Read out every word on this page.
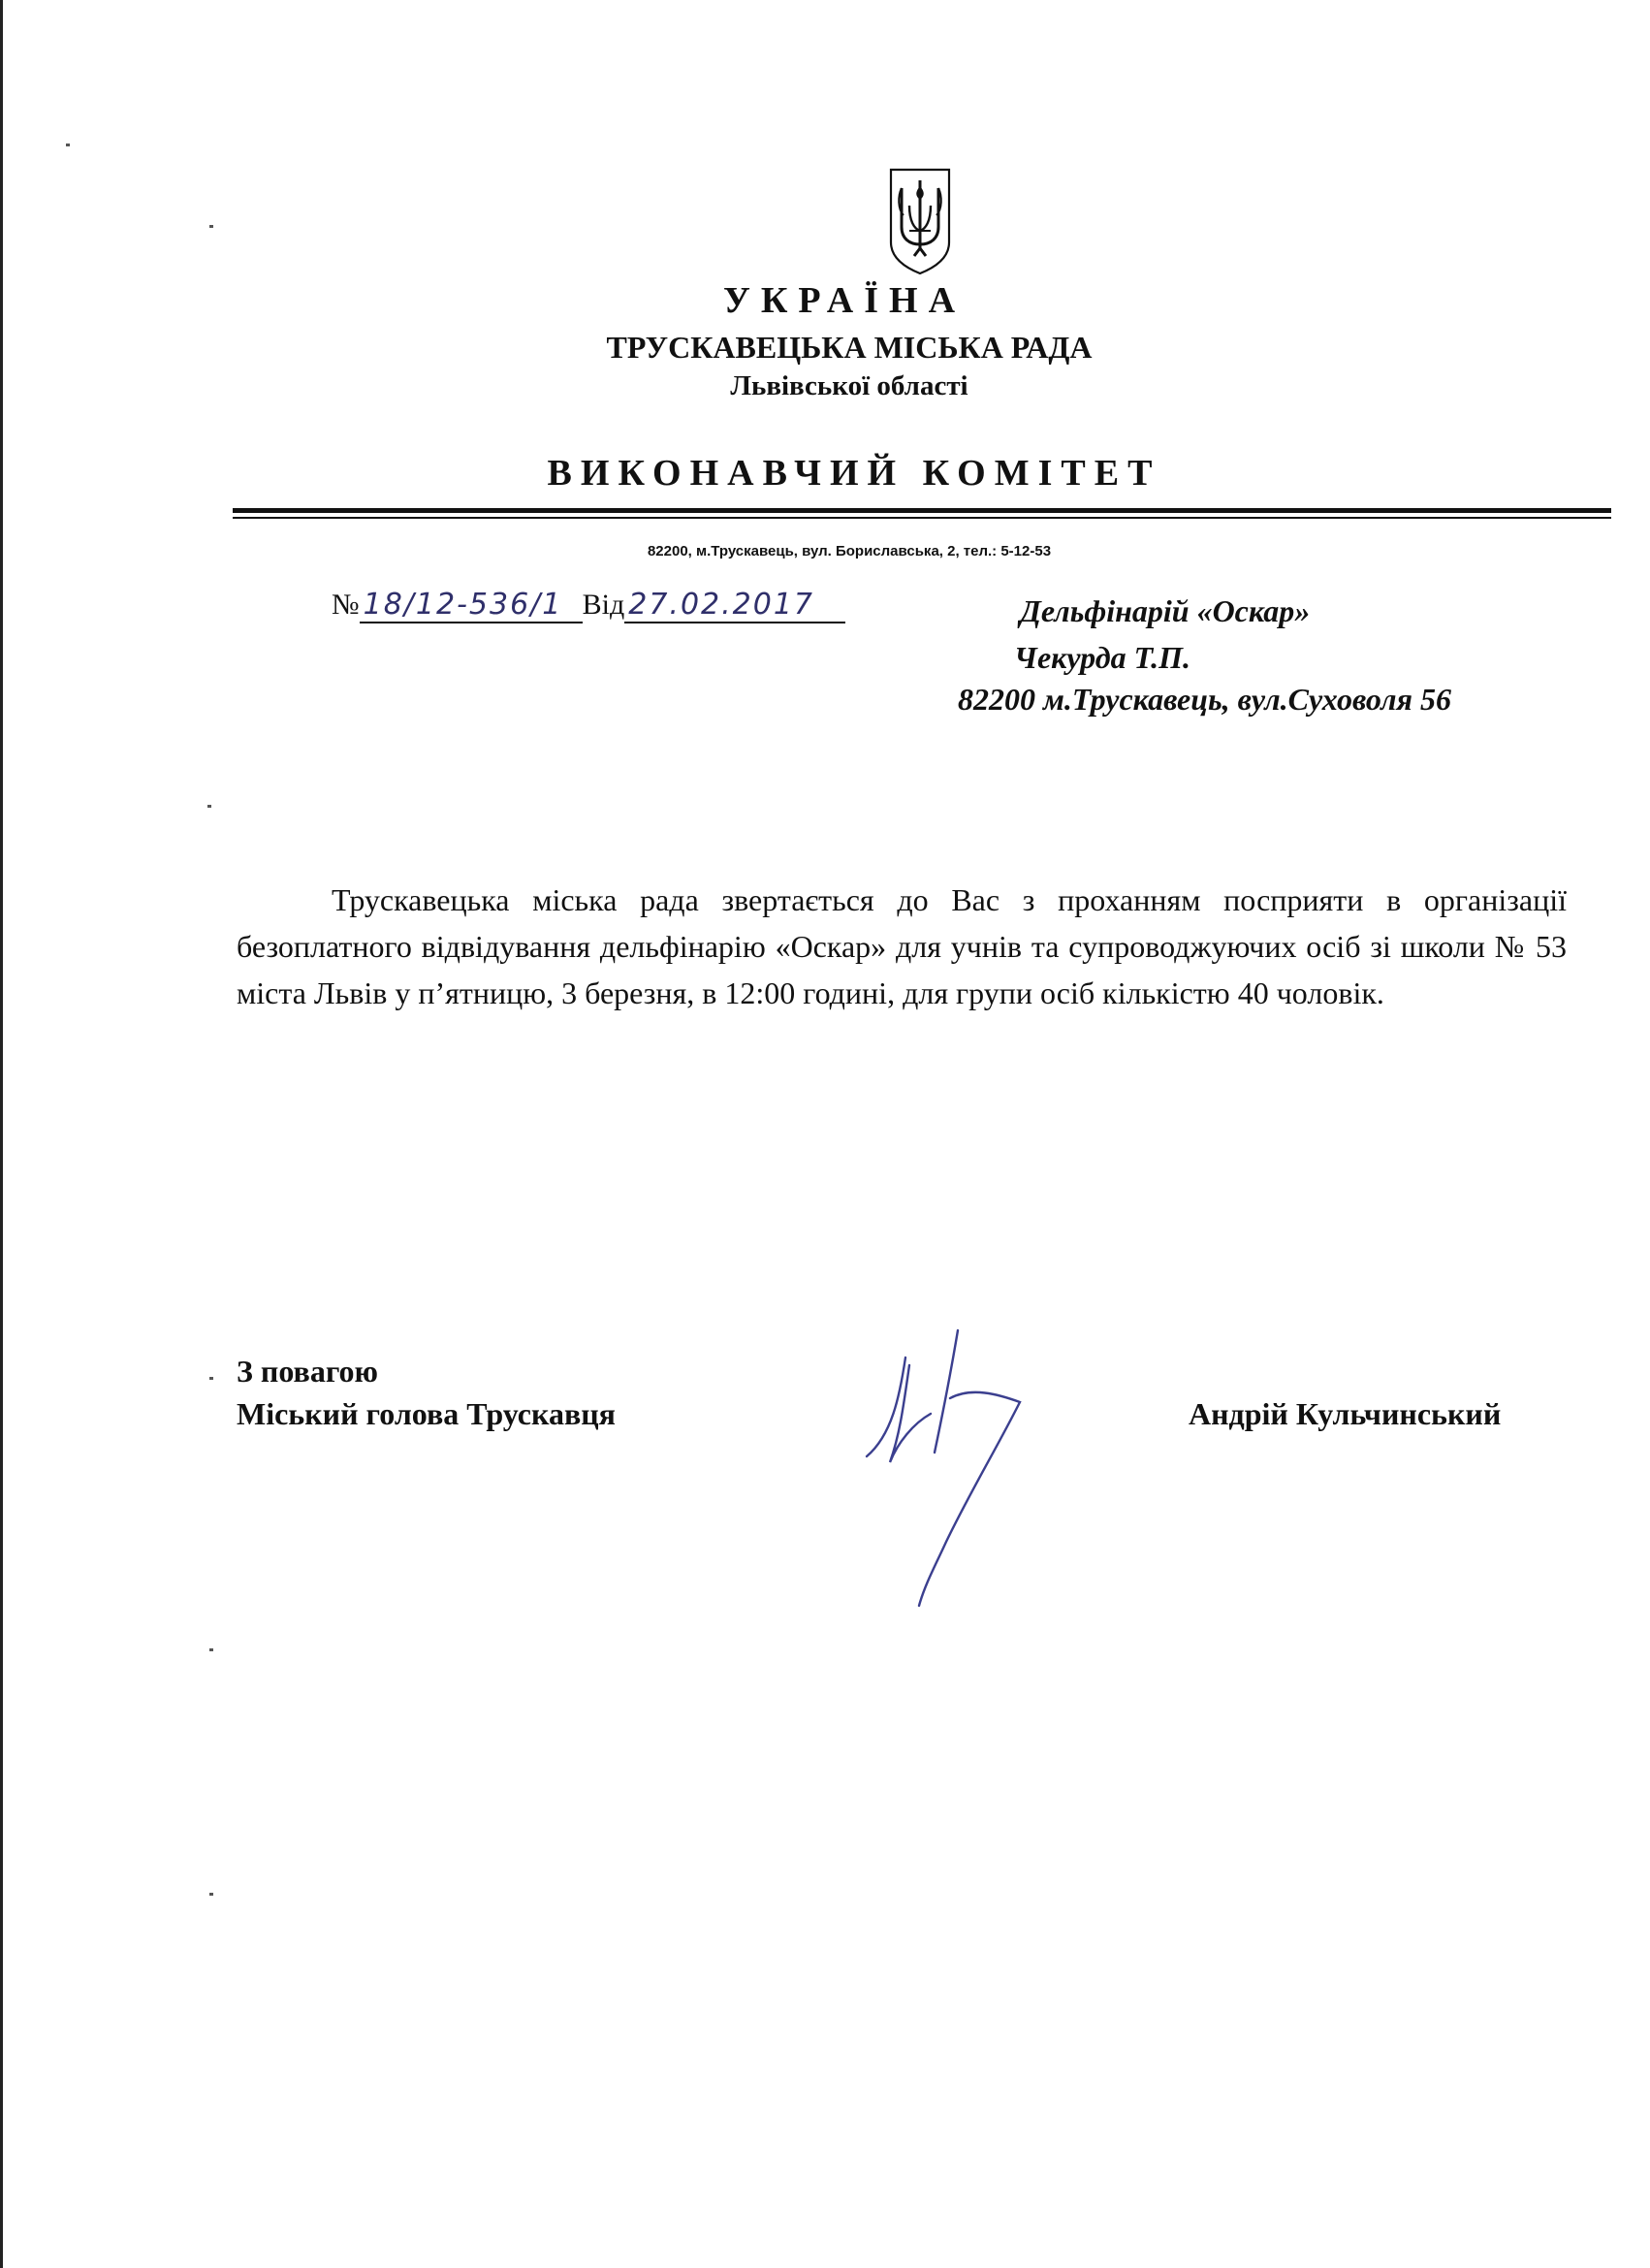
УКРАЇНА
ТРУСКАВЕЦЬКА МІСЬКА РАДА
Львівської області
ВИКОНАВЧИЙ КОМІТЕТ
82200, м.Трускавець, вул. Бориславська, 2, тел.: 5-12-53
№ 18/12-536/1 Від 27.02.2017	Дельфінарій «Оскар»
Чекурда Т.П.
82200 м.Трускавець, вул.Суховоля 56
Трускавецька міська рада звертається до Вас з проханням посприяти в організації безоплатного відвідування дельфінарію «Оскар» для учнів та супроводжуючих осіб зі школи № 53 міста Львів у п’ятницю, 3 березня, в 12:00 годині, для групи осіб кількістю 40 чоловік.
З повагою
Міський голова Трускавця	Андрій Кульчинський
